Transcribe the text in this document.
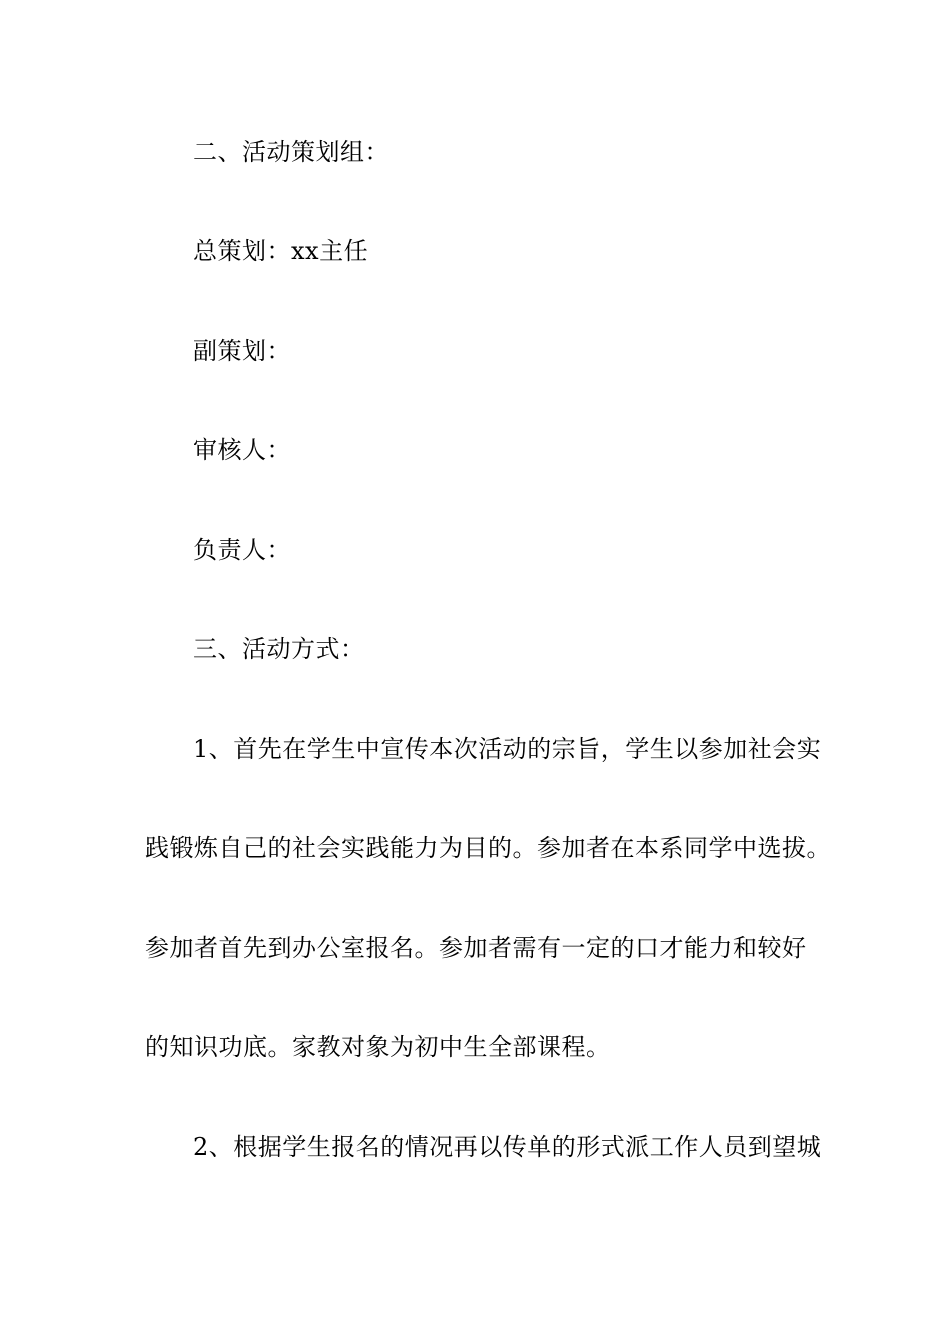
二、活动策划组：
总策划：xx主任
副策划：
审核人：
负责人：
三、活动方式：
1、首先在学生中宣传本次活动的宗旨，学生以参加社会实
践锻炼自己的社会实践能力为目的。参加者在本系同学中选拔。
参加者首先到办公室报名。参加者需有一定的口才能力和较好
的知识功底。家教对象为初中生全部课程。
2、根据学生报名的情况再以传单的形式派工作人员到望城
